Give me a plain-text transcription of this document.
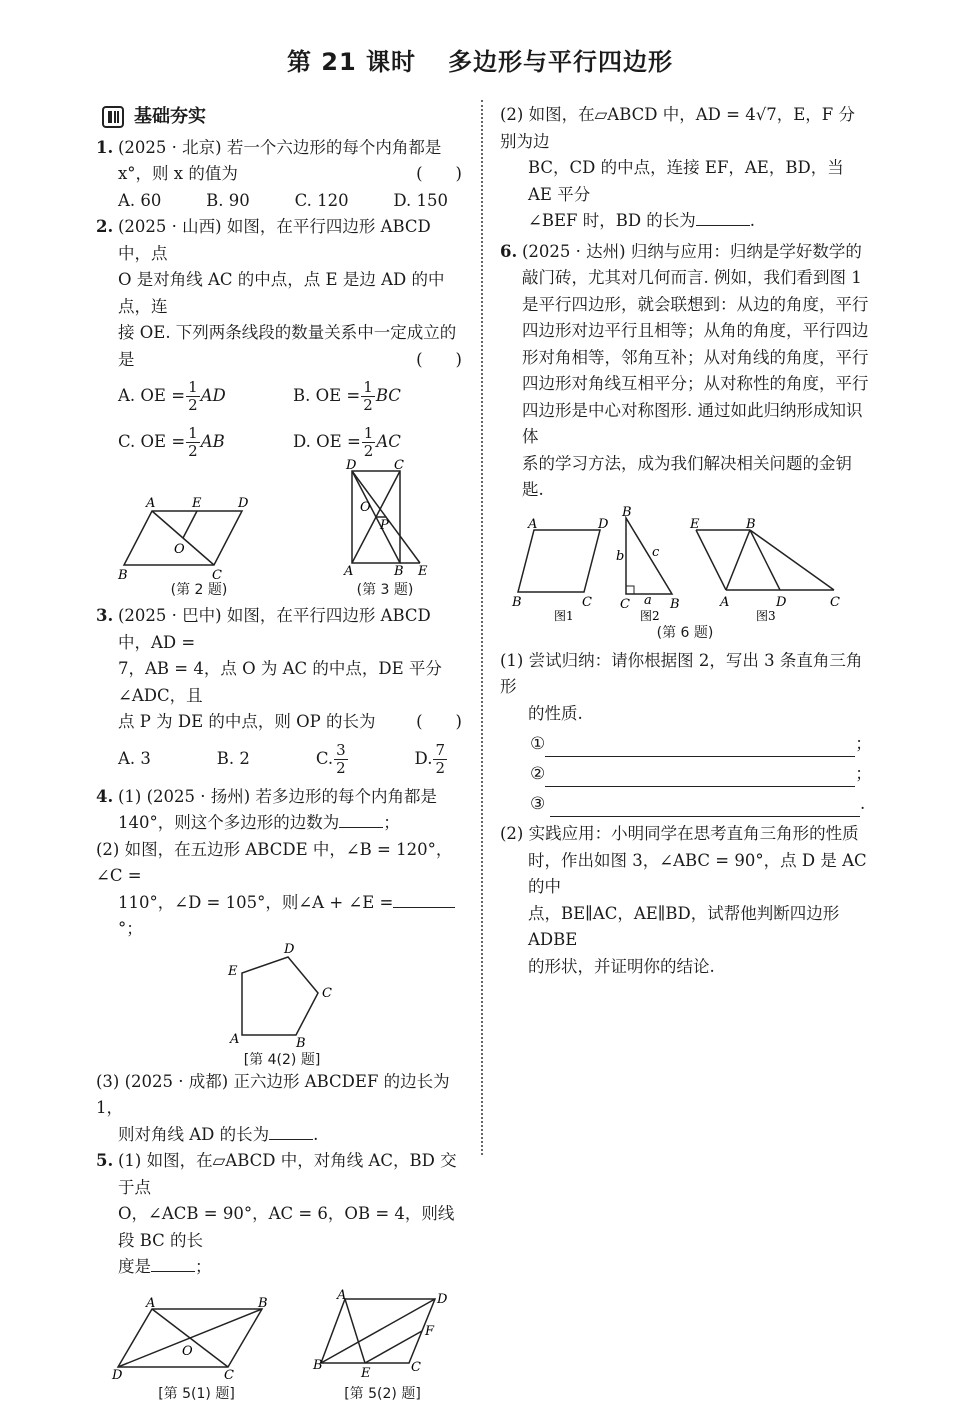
第 21 课时 多边形与平行四边形
基础夯实
1. (2025 · 北京) 若一个六边形的每个内角都是
x°，则 x 的值为	(　　)
A. 60	B. 90	C. 120	D. 150
2. (2025 · 山西) 如图，在平行四边形 ABCD 中，点
O 是对角线 AC 的中点，点 E 是边 AD 的中点，连
接 OE. 下列两条线段的数量关系中一定成立的
是	(　　)
A. OE = $\frac{1}{2}$ AD	B. OE = $\frac{1}{2}$ BC
C. OE = $\frac{1}{2}$ AB	D. OE = $\frac{1}{2}$ AC
A	E	D
O
B	C
(第 2 题)
D	C
O
P
A	B E
(第 3 题)
3. (2025 · 巴中) 如图，在平行四边形 ABCD 中，AD =
7，AB = 4，点 O 为 AC 的中点，DE 平分∠ADC，且
点 P 为 DE 的中点，则 OP 的长为 (　　)
A. 3	B. 2	C. $\frac{3}{2}$	D. $\frac{7}{2}$
4. (1) (2025 · 扬州) 若多边形的每个内角都是
140°，则这个多边形的边数为	；
(2) 如图，在五边形 ABCDE 中，∠B = 120°，∠C =
110°，∠D = 105°，则∠A + ∠E =°；
A	B
C
D
E
[第 4(2) 题]
(3) (2025 · 成都) 正六边形 ABCDEF 的边长为 1，
则对角线 AD 的长为	.
5. (1) 如图，在▱ABCD 中，对角线 AC，BD 交于点
O，∠ACB = 90°，AC = 6，OB = 4，则线段 BC 的长
度是	；
A	B
C
D
O
[第 5(1) 题]
A	D
B
E	C
F
[第 5(2) 题]
(2) 如图，在▱ABCD 中，AD = 4√7，E，F 分别为边
BC，CD 的中点，连接 EF，AE，BD，当 AE 平分
∠BEF 时，BD 的长为	.
6. (2025 · 达州) 归纳与应用：归纳是学好数学的
敲门砖，尤其对几何而言. 例如，我们看到图 1
是平行四边形，就会联想到：从边的角度，平行
四边形对边平行且相等；从角的角度，平行四边
形对角相等，邻角互补；从对角线的角度，平行
四边形对角线互相平分；从对称性的角度，平行
四边形是中心对称图形. 通过如此归纳形成知识体
系的学习方法，成为我们解决相关问题的金钥匙.
A	D
B	C
图1
B
b c
C a B
图2
E	B
A	D	C
图3
(第 6 题)
(1) 尝试归纳：请你根据图 2，写出 3 条直角三角形
的性质.
①	；
②	；
③	.
(2) 实践应用：小明同学在思考直角三角形的性质
时，作出如图 3，∠ABC = 90°，点 D 是 AC 的中
点，BE∥AC，AE∥BD，试帮他判断四边形 ADBE
的形状，并证明你的结论.
